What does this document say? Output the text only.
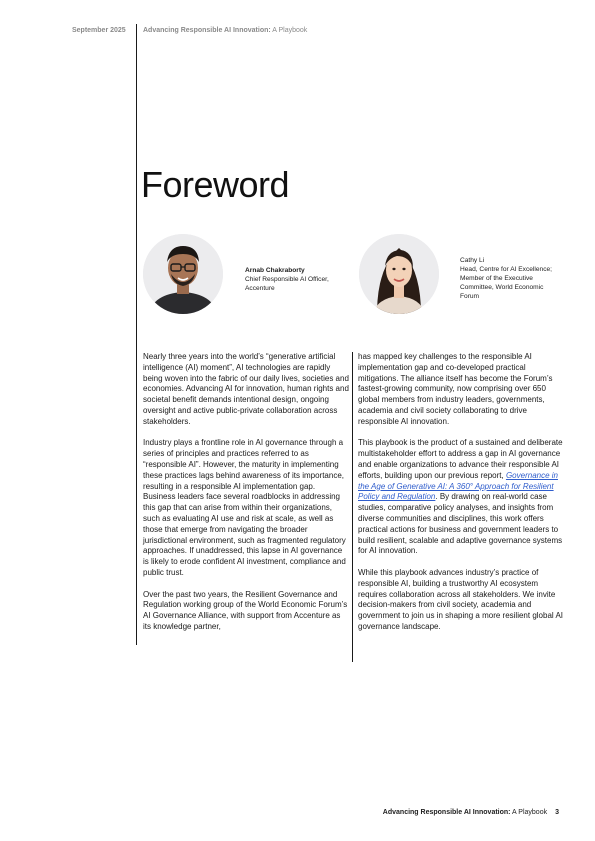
September 2025 Advancing Responsible AI Innovation: A Playbook
Foreword
Arnab Chakraborty
Chief Responsible AI Officer, Accenture
Cathy Li
Head, Centre for AI Excellence; Member of the Executive Committee, World Economic Forum

Nearly three years into the world’s “generative artificial intelligence (AI) moment”, AI technologies are rapidly being woven into the fabric of our daily lives, societies and economies. Advancing AI for innovation, human rights and societal benefit demands intentional design, ongoing oversight and active public-private collaboration across stakeholders.

Industry plays a frontline role in AI governance through a series of principles and practices referred to as “responsible AI”. However, the maturity in implementing these practices lags behind awareness of its importance, resulting in a responsible AI implementation gap. Business leaders face several roadblocks in addressing this gap that can arise from within their organizations, such as evaluating AI use and risk at scale, as well as those that emerge from navigating the broader jurisdictional environment, such as fragmented regulatory approaches. If unaddressed, this lapse in AI governance is likely to erode confident AI investment, compliance and public trust.

Over the past two years, the Resilient Governance and Regulation working group of the World Economic Forum’s AI Governance Alliance, with support from Accenture as its knowledge partner,

has mapped key challenges to the responsible AI implementation gap and co-developed practical mitigations. The alliance itself has become the Forum’s fastest-growing community, now comprising over 650 global members from industry leaders, governments, academia and civil society collaborating to drive responsible AI innovation.

This playbook is the product of a sustained and deliberate multistakeholder effort to address a gap in AI governance and enable organizations to advance their responsible AI efforts, building upon our previous report, Governance in the Age of Generative AI: A 360° Approach for Resilient Policy and Regulation. By drawing on real-world case studies, comparative policy analyses, and insights from diverse communities and disciplines, this work offers practical actions for business and government leaders to build resilient, scalable and adaptive governance systems for AI innovation.

While this playbook advances industry’s practice of responsible AI, building a trustworthy AI ecosystem requires collaboration across all stakeholders. We invite decision-makers from civil society, academia and government to join us in shaping a more resilient global AI governance landscape.

Advancing Responsible AI Innovation: A Playbook 3
